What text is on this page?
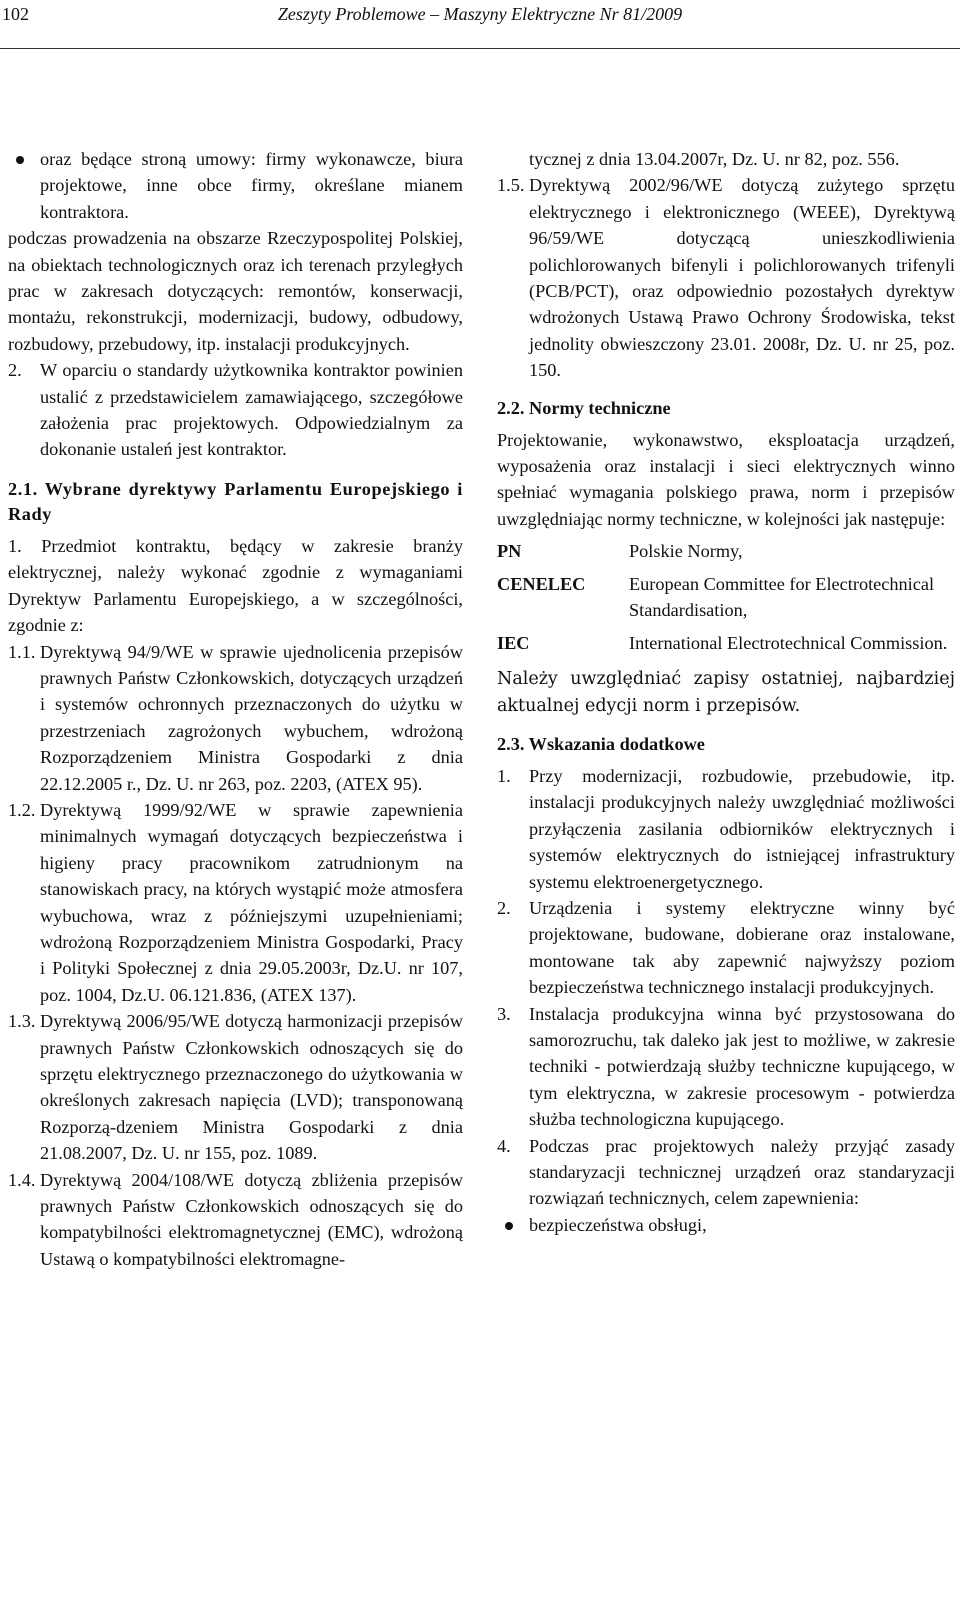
102	Zeszyty Problemowe – Maszyny Elektryczne Nr 81/2009

oraz będące stroną umowy: firmy wykonawcze, biura projektowe, inne obce firmy, określane mianem kontraktora.

podczas prowadzenia na obszarze Rzeczypospolitej Polskiej, na obiektach technologicznych oraz ich terenach przyległych prac w zakresach dotyczących: remontów, konserwacji, montażu, rekonstrukcji, modernizacji, budowy, odbudowy, rozbudowy, przebudowy, itp. instalacji produkcyjnych.

2. W oparciu o standardy użytkownika kontraktor powinien ustalić z przedstawicielem zamawiającego, szczegółowe założenia prac projektowych. Odpowiedzialnym za dokonanie ustaleń jest kontraktor.

2.1. Wybrane dyrektywy Parlamentu Europejskiego i Rady

1. Przedmiot kontraktu, będący w zakresie branży elektrycznej, należy wykonać zgodnie z wymaganiami Dyrektyw Parlamentu Europejskiego, a w szczególności, zgodnie z:

1.1. Dyrektywą 94/9/WE w sprawie ujednolicenia przepisów prawnych Państw Członkowskich, dotyczących urządzeń i systemów ochronnych przeznaczonych do użytku w przestrzeniach zagrożonych wybuchem, wdrożoną Rozporządzeniem Ministra Gospodarki z dnia 22.12.2005 r., Dz. U. nr 263, poz. 2203, (ATEX 95).

1.2. Dyrektywą 1999/92/WE w sprawie zapewnienia minimalnych wymagań dotyczących bezpieczeństwa i higieny pracy pracownikom zatrudnionym na stanowiskach pracy, na których wystąpić może atmosfera wybuchowa, wraz z późniejszymi uzupełnieniami; wdrożoną Rozporządzeniem Ministra Gospodarki, Pracy i Polityki Społecznej z dnia 29.05.2003r, Dz.U. nr 107, poz. 1004, Dz.U. 06.121.836, (ATEX 137).

1.3. Dyrektywą 2006/95/WE dotyczą harmonizacji przepisów prawnych Państw Członkowskich odnoszących się do sprzętu elektrycznego przeznaczonego do użytkowania w określonych zakresach napięcia (LVD); transponowaną Rozporzą-dzeniem Ministra Gospodarki z dnia 21.08.2007, Dz. U. nr 155, poz. 1089.

1.4. Dyrektywą 2004/108/WE dotyczą zbliżenia przepisów prawnych Państw Członkowskich odnoszących się do kompatybilności elektromagnetycznej (EMC), wdrożoną Ustawą o kompatybilności elektromagne-

tycznej z dnia 13.04.2007r, Dz. U. nr 82, poz. 556.

1.5. Dyrektywą 2002/96/WE dotyczą zużytego sprzętu elektrycznego i elektronicznego (WEEE), Dyrektywą 96/59/WE dotyczącą unieszkodliwienia polichlorowanych bifenyli i polichlorowanych trifenyli (PCB/PCT), oraz odpowiednio pozostałych dyrektyw wdrożonych Ustawą Prawo Ochrony Środowiska, tekst jednolity obwieszczony 23.01. 2008r, Dz. U. nr 25, poz. 150.

2.2. Normy techniczne

Projektowanie, wykonawstwo, eksploatacja urządzeń, wyposażenia oraz instalacji i sieci elektrycznych winno spełniać wymagania polskiego prawa, norm i przepisów uwzględniając normy techniczne, w kolejności jak następuje:

PN	Polskie Normy,
CENELEC	European Committee for Electrotechnical Standardisation,
IEC	International Electrotechnical Commission.

Należy uwzględniać zapisy ostatniej, najbardziej aktualnej edycji norm i przepisów.

2.3. Wskazania dodatkowe

1. Przy modernizacji, rozbudowie, przebudowie, itp. instalacji produkcyjnych należy uwzględniać możliwości przyłączenia zasilania odbiorników elektrycznych i systemów elektrycznych do istniejącej infrastruktury systemu elektroenergetycznego.

2. Urządzenia i systemy elektryczne winny być projektowane, budowane, dobierane oraz instalowane, montowane tak aby zapewnić najwyższy poziom bezpieczeństwa technicznego instalacji produkcyjnych.

3. Instalacja produkcyjna winna być przystosowana do samorozruchu, tak daleko jak jest to możliwe, w zakresie techniki - potwierdzają służby techniczne kupującego, w tym elektryczna, w zakresie procesowym - potwierdza służba technologiczna kupującego.

4. Podczas prac projektowych należy przyjąć zasady standaryzacji technicznej urządzeń oraz standaryzacji rozwiązań technicznych, celem zapewnienia:

bezpieczeństwa obsługi,
